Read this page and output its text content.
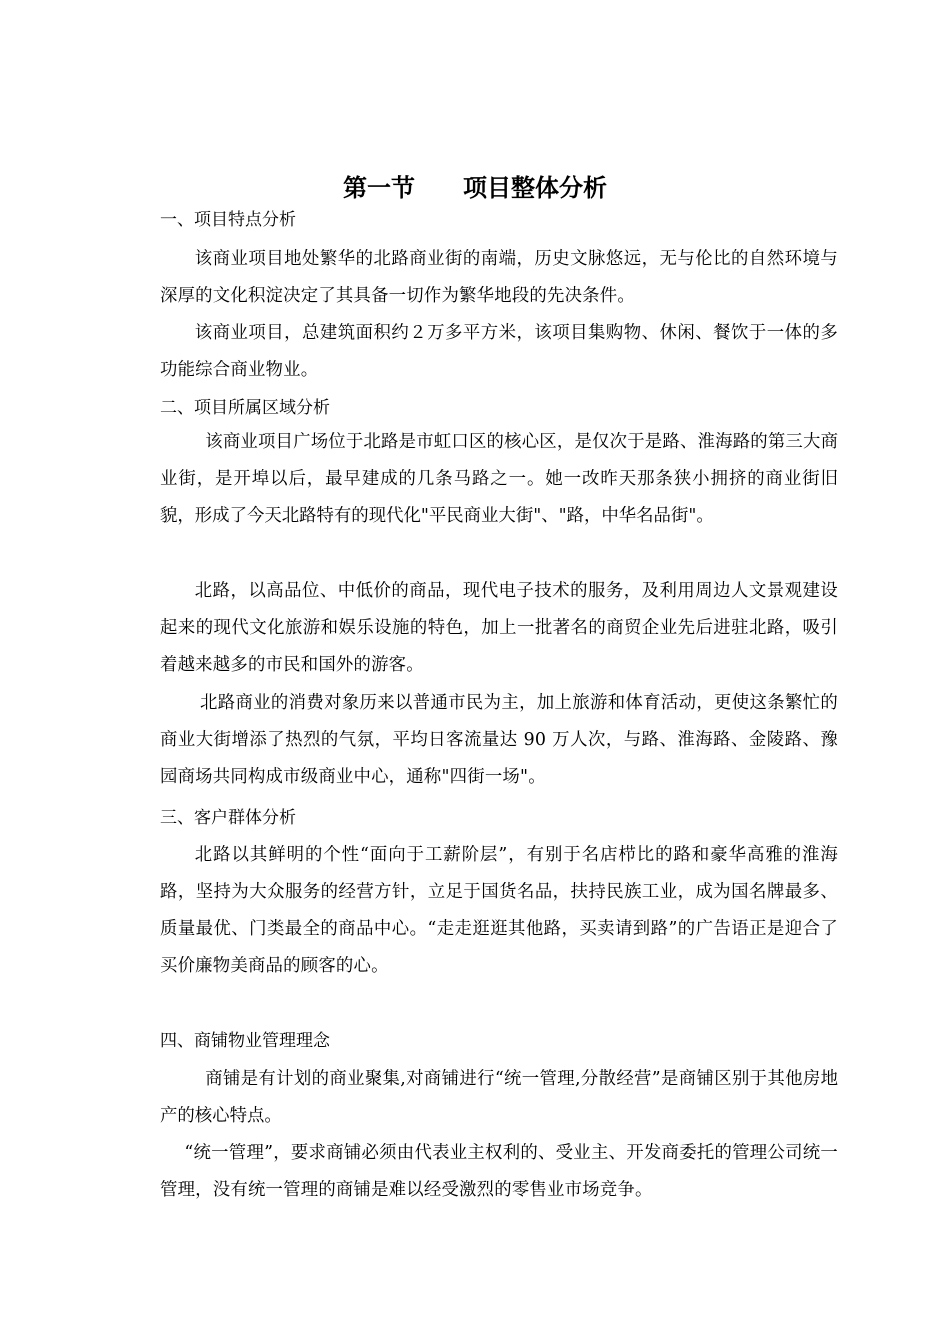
第一节　　项目整体分析
一、项目特点分析
该商业项目地处繁华的北路商业街的南端，历史文脉悠远，无与伦比的自然环境与深厚的文化积淀决定了其具备一切作为繁华地段的先决条件。
该商业项目，总建筑面积约２万多平方米，该项目集购物、休闲、餐饮于一体的多功能综合商业物业。
二、项目所属区域分析
该商业项目广场位于北路是市虹口区的核心区，是仅次于是路、淮海路的第三大商业街，是开埠以后，最早建成的几条马路之一。她一改昨天那条狭小拥挤的商业街旧貌，形成了今天北路特有的现代化"平民商业大街"、"路，中华名品街"。
北路，以高品位、中低价的商品，现代电子技术的服务，及利用周边人文景观建设起来的现代文化旅游和娱乐设施的特色，加上一批著名的商贸企业先后进驻北路，吸引着越来越多的市民和国外的游客。
北路商业的消费对象历来以普通市民为主，加上旅游和体育活动，更使这条繁忙的商业大街增添了热烈的气氛，平均日客流量达 90 万人次，与路、淮海路、金陵路、豫园商场共同构成市级商业中心，通称"四街一场"。
三、客户群体分析
北路以其鲜明的个性“面向于工薪阶层”，有别于名店栉比的路和豪华高雅的淮海路，坚持为大众服务的经营方针，立足于国货名品，扶持民族工业，成为国名牌最多、质量最优、门类最全的商品中心。“走走逛逛其他路，买卖请到路”的广告语正是迎合了买价廉物美商品的顾客的心。
四、商铺物业管理理念
商铺是有计划的商业聚集,对商铺进行“统一管理,分散经营”是商铺区别于其他房地产的核心特点。
“统一管理”，要求商铺必须由代表业主权利的、受业主、开发商委托的管理公司统一管理，没有统一管理的商铺是难以经受激烈的零售业市场竞争。
